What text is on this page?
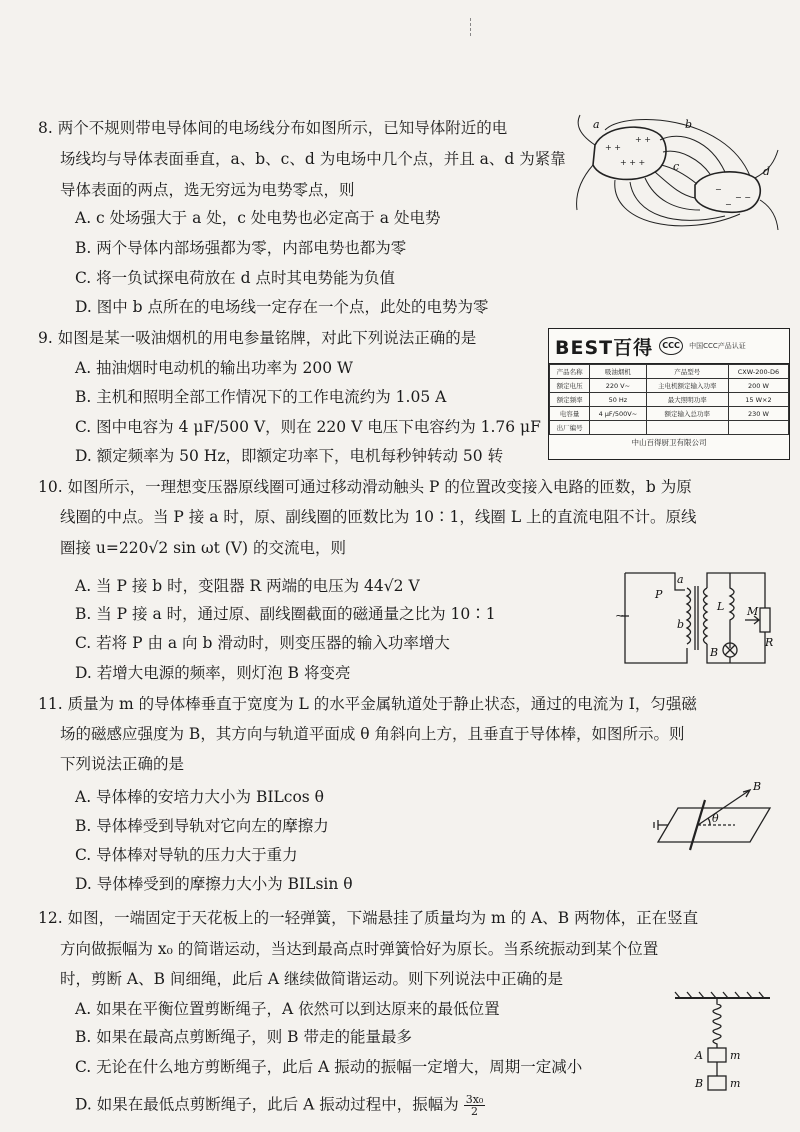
8. 两个不规则带电导体间的电场线分布如图所示，已知导体附近的电
场线均与导体表面垂直，a、b、c、d 为电场中几个点，并且 a、d 为紧靠
导体表面的两点，选无穷远为电势零点，则
A. c 处场强大于 a 处，c 处电势也必定高于 a 处电势
B. 两个导体内部场强都为零，内部电势也都为零
C. 将一负试探电荷放在 d 点时其电势能为负值
D. 图中 b 点所在的电场线一定存在一个点，此处的电势为零
+ +
+ + +
+ +
−
− −
−
a	b
c	d
9. 如图是某一吸油烟机的用电参量铭牌，对此下列说法正确的是
A. 抽油烟时电动机的输出功率为 200 W
B. 主机和照明全部工作情况下的工作电流约为 1.05 A
C. 图中电容为 4 μF/500 V，则在 220 V 电压下电容约为 1.76 μF
D. 额定频率为 50 Hz，即额定功率下，电机每秒钟转动 50 转
BEST百得	CCC	中国CCC产品认证
产品名称	吸油烟机	产品型号	CXW-200-D6
额定电压	220 V~	主电机额定输入功率	200 W
额定频率	50 Hz	最大照明功率	15 W×2
电容量	4 μF/500V~	额定输入总功率	230 W
出厂编号			
中山百得厨卫有限公司
10. 如图所示，一理想变压器原线圈可通过移动滑动触头 P 的位置改变接入电路的匝数，b 为原
线圈的中点。当 P 接 a 时，原、副线圈的匝数比为 10∶1，线圈 L 上的直流电阻不计。原线
圈接 u=220√2 sin ωt (V) 的交流电，则
A. 当 P 接 b 时，变阻器 R 两端的电压为 44√2 V
B. 当 P 接 a 时，通过原、副线圈截面的磁通量之比为 10∶1
C. 若将 P 由 a 向 b 滑动时，则变压器的输入功率增大
D. 若增大电源的频率，则灯泡 B 将变亮
a
P
b
L M
R
B
~
11. 质量为 m 的导体棒垂直于宽度为 L 的水平金属轨道处于静止状态，通过的电流为 I，匀强磁
场的磁感应强度为 B，其方向与轨道平面成 θ 角斜向上方，且垂直于导体棒，如图所示。则
下列说法正确的是
A. 导体棒的安培力大小为 BILcos θ
B. 导体棒受到导轨对它向左的摩擦力
C. 导体棒对导轨的压力大于重力
D. 导体棒受到的摩擦力大小为 BILsin θ
B
θ
12. 如图，一端固定于天花板上的一轻弹簧，下端悬挂了质量均为 m 的 A、B 两物体，正在竖直
方向做振幅为 x₀ 的简谐运动，当达到最高点时弹簧恰好为原长。当系统振动到某个位置
时，剪断 A、B 间细绳，此后 A 继续做简谐运动。则下列说法中正确的是
A. 如果在平衡位置剪断绳子，A 依然可以到达原来的最低位置
B. 如果在最高点剪断绳子，则 B 带走的能量最多
C. 无论在什么地方剪断绳子，此后 A 振动的振幅一定增大，周期一定减小
D. 如果在最低点剪断绳子，此后 A 振动过程中，振幅为 $\frac{\text{3x₀}}{2}$
A m
B m
